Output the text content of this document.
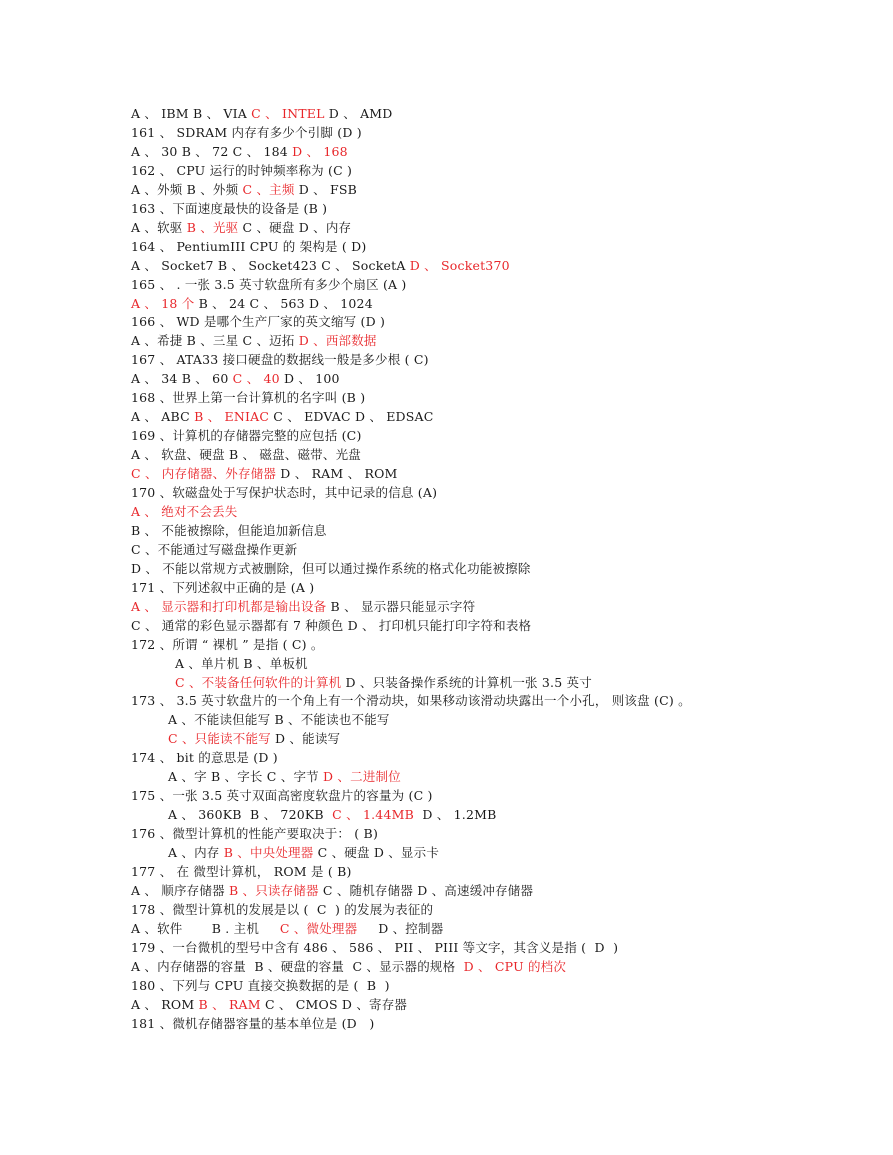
A 、 IBM B 、 VIA C 、 INTEL D 、 AMD
161 、 SDRAM 内存有多少个引脚 (D )
A 、 30 B 、 72 C 、 184 D 、 168
162 、 CPU 运行的时钟频率称为 (C )
A 、外频 B 、外频 C 、主频 D 、 FSB
163 、下面速度最快的设备是 (B )
A 、软驱 B 、光驱 C 、硬盘 D 、内存
164 、 PentiumIII CPU 的 架构是 ( D)
A 、 Socket7 B 、 Socket423 C 、 SocketA D 、 Socket370
165 、 . 一张 3.5 英寸软盘所有多少个扇区 (A )
A 、 18 个 B 、 24 C 、 563 D 、 1024
166 、 WD 是哪个生产厂家的英文缩写 (D )
A 、希捷 B 、三星 C 、迈拓 D 、西部数据
167 、 ATA33 接口硬盘的数据线一般是多少根 ( C)
A 、 34 B 、 60 C 、 40 D 、 100
168 、世界上第一台计算机的名字叫 (B )
A 、 ABC B 、 ENIAC C 、 EDVAC D 、 EDSAC
169 、计算机的存储器完整的应包括 (C)
A 、 软盘、硬盘 B 、 磁盘、磁带、光盘
C 、 内存储器、外存储器 D 、 RAM 、 ROM
170 、软磁盘处于写保护状态时，其中记录的信息 (A)
A 、 绝对不会丢失
B 、 不能被擦除，但能追加新信息
C 、不能通过写磁盘操作更新
D 、 不能以常规方式被删除，但可以通过操作系统的格式化功能被擦除
171 、下列述叙中正确的是 (A )
A 、 显示器和打印机都是输出设备 B 、 显示器只能显示字符
C 、 通常的彩色显示器都有 7 种颜色 D 、 打印机只能打印字符和表格
172 、所谓 “ 裸机 ” 是指 ( C) 。
A 、单片机 B 、单板机
C 、不装备任何软件的计算机 D 、只装备操作系统的计算机一张 3.5 英寸
173 、 3.5 英寸软盘片的一个角上有一个滑动块，如果移动该滑动块露出一个小孔， 则该盘 (C) 。
A 、不能读但能写 B 、不能读也不能写
C 、只能读不能写 D 、能读写
174 、 bit 的意思是 (D )
A 、字 B 、字长 C 、字节 D 、二进制位
175 、一张 3.5 英寸双面高密度软盘片的容量为 (C )
A 、 360KB  B 、 720KB  C 、 1.44MB  D 、 1.2MB
176 、微型计算机的性能产要取决于： ( B)
A 、内存 B 、中央处理器 C 、硬盘 D 、显示卡
177 、 在 微型计算机， ROM 是 ( B)
A 、 顺序存储器 B 、只读存储器 C 、随机存储器 D 、高速缓冲存储器
178 、微型计算机的发展是以 (  C  ) 的发展为表征的
A 、软件       B . 主机     C 、微处理器     D 、控制器
179 、一台微机的型号中含有 486 、 586 、 PII 、 PIII 等文字，其含义是指 (  D  )
A 、内存储器的容量  B 、硬盘的容量  C 、显示器的规格  D 、 CPU 的档次
180 、下列与 CPU 直接交换数据的是 (  B  )
A 、 ROM B 、 RAM C 、 CMOS D 、寄存器
181 、微机存储器容量的基本单位是 (D   )
